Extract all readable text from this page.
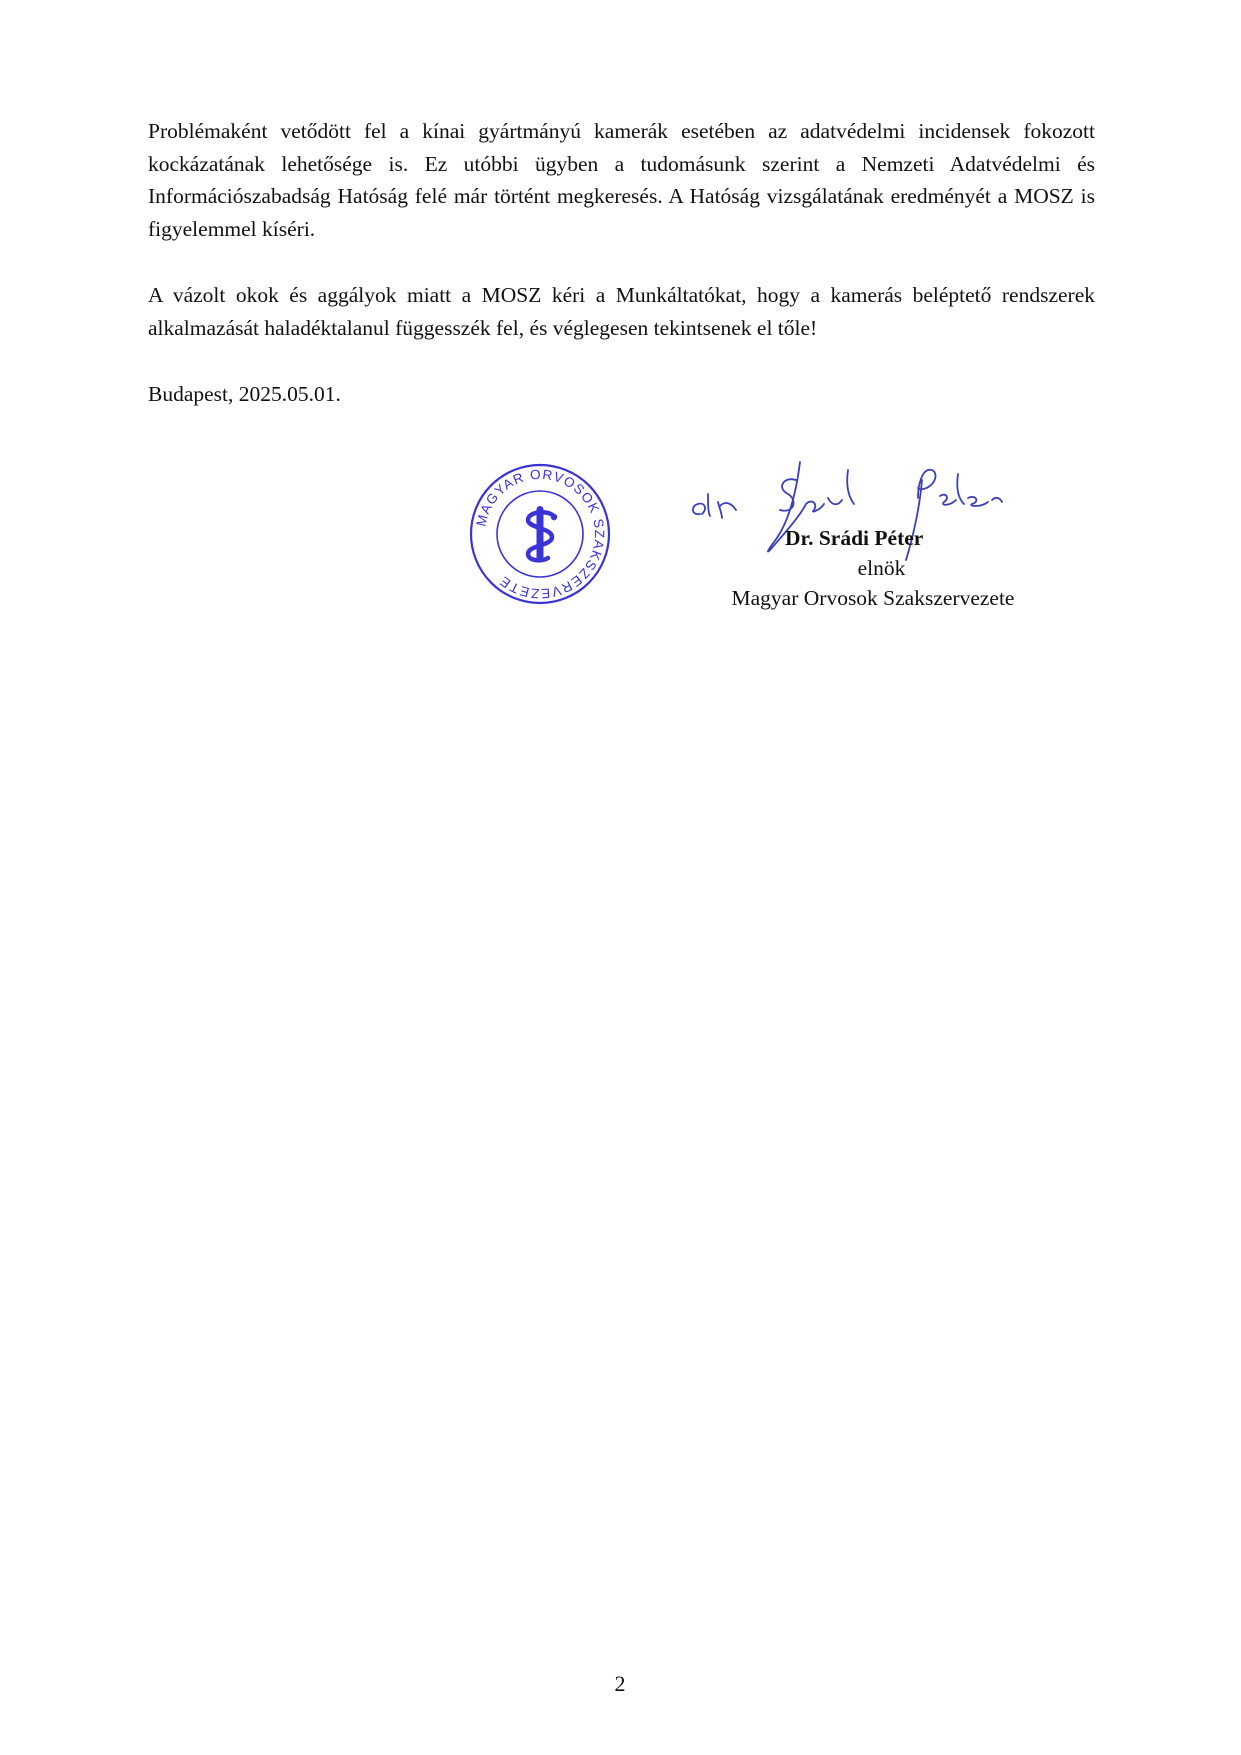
Problémaként vetődött fel a kínai gyártmányú kamerák esetében az adatvédelmi incidensek fokozott kockázatának lehetősége is. Ez utóbbi ügyben a tudomásunk szerint a Nemzeti Adatvédelmi és Információszabadság Hatóság felé már történt megkeresés. A Hatóság vizsgálatának eredményét a MOSZ is figyelemmel kíséri.

A vázolt okok és aggályok miatt a MOSZ kéri a Munkáltatókat, hogy a kamerás beléptető rendszerek alkalmazását haladéktalanul függesszék fel, és véglegesen tekintsenek el tőle!

Budapest, 2025.05.01.

MAGYAR ORVOSOK SZAKSZERVEZETE
Dr. Srádi Péter
elnök
Magyar Orvosok Szakszervezete
2
